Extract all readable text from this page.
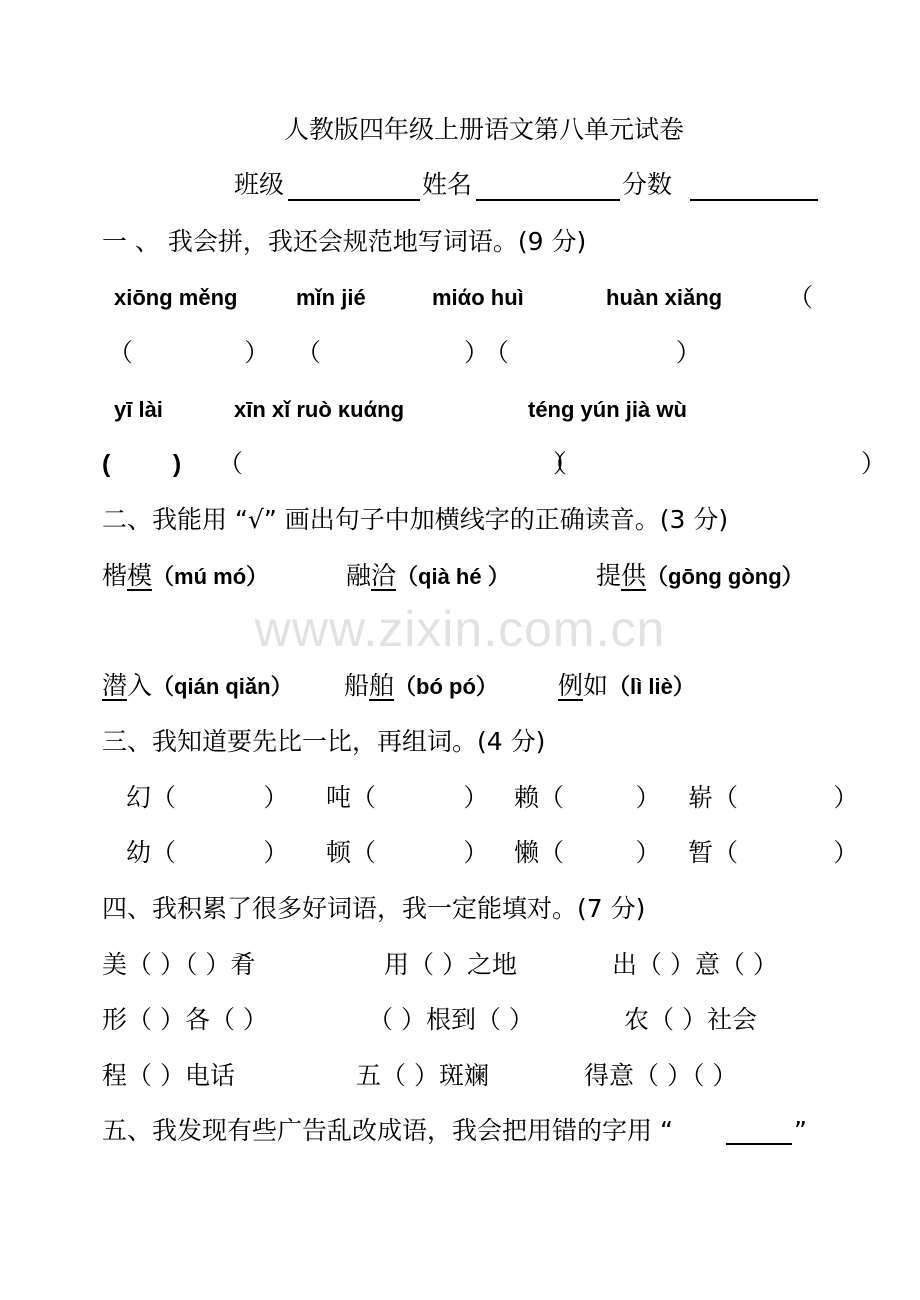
人教版四年级上册语文第八单元试卷
班级	姓名	分数
一 、 我会拼，我还会规范地写词语。(9 分)
xiōng měng	mǐn jié	miάo huì	huàn xiǎng	（
（              ） （                  ）
（                     ）
yī lài	xīn xǐ ruò κuάng	téng yún jià wù
(         ) （                                       ）
（                                     ）
二、我能用 “√” 画出句子中加横线字的正确读音。(3 分)
楷模（mú mó）	融洽（qià hé ）	提供（gōng gòng）
www.zixin.com.cn
潜入（qián qiǎn） 船舶（bó pó） 例如（lì liè）
三、我知道要先比一比，再组词。(4 分)
幻（           ） 吨（           ） 赖（         ） 崭（            ）
幼（           ） 顿（           ） 懒（         ） 暂（            ）
四、我积累了很多好词语，我一定能填对。(7 分)
美（ ）（ ）肴	用（ ）之地	出（ ）意（ ）
形（ ）各（ ）	（ ）根到（ ）	农（ ）社会
程（ ）电话	五（ ）斑斓	得意（ ）（ ）
五、我发现有些广告乱改成语，我会把用错的字用 “	”
